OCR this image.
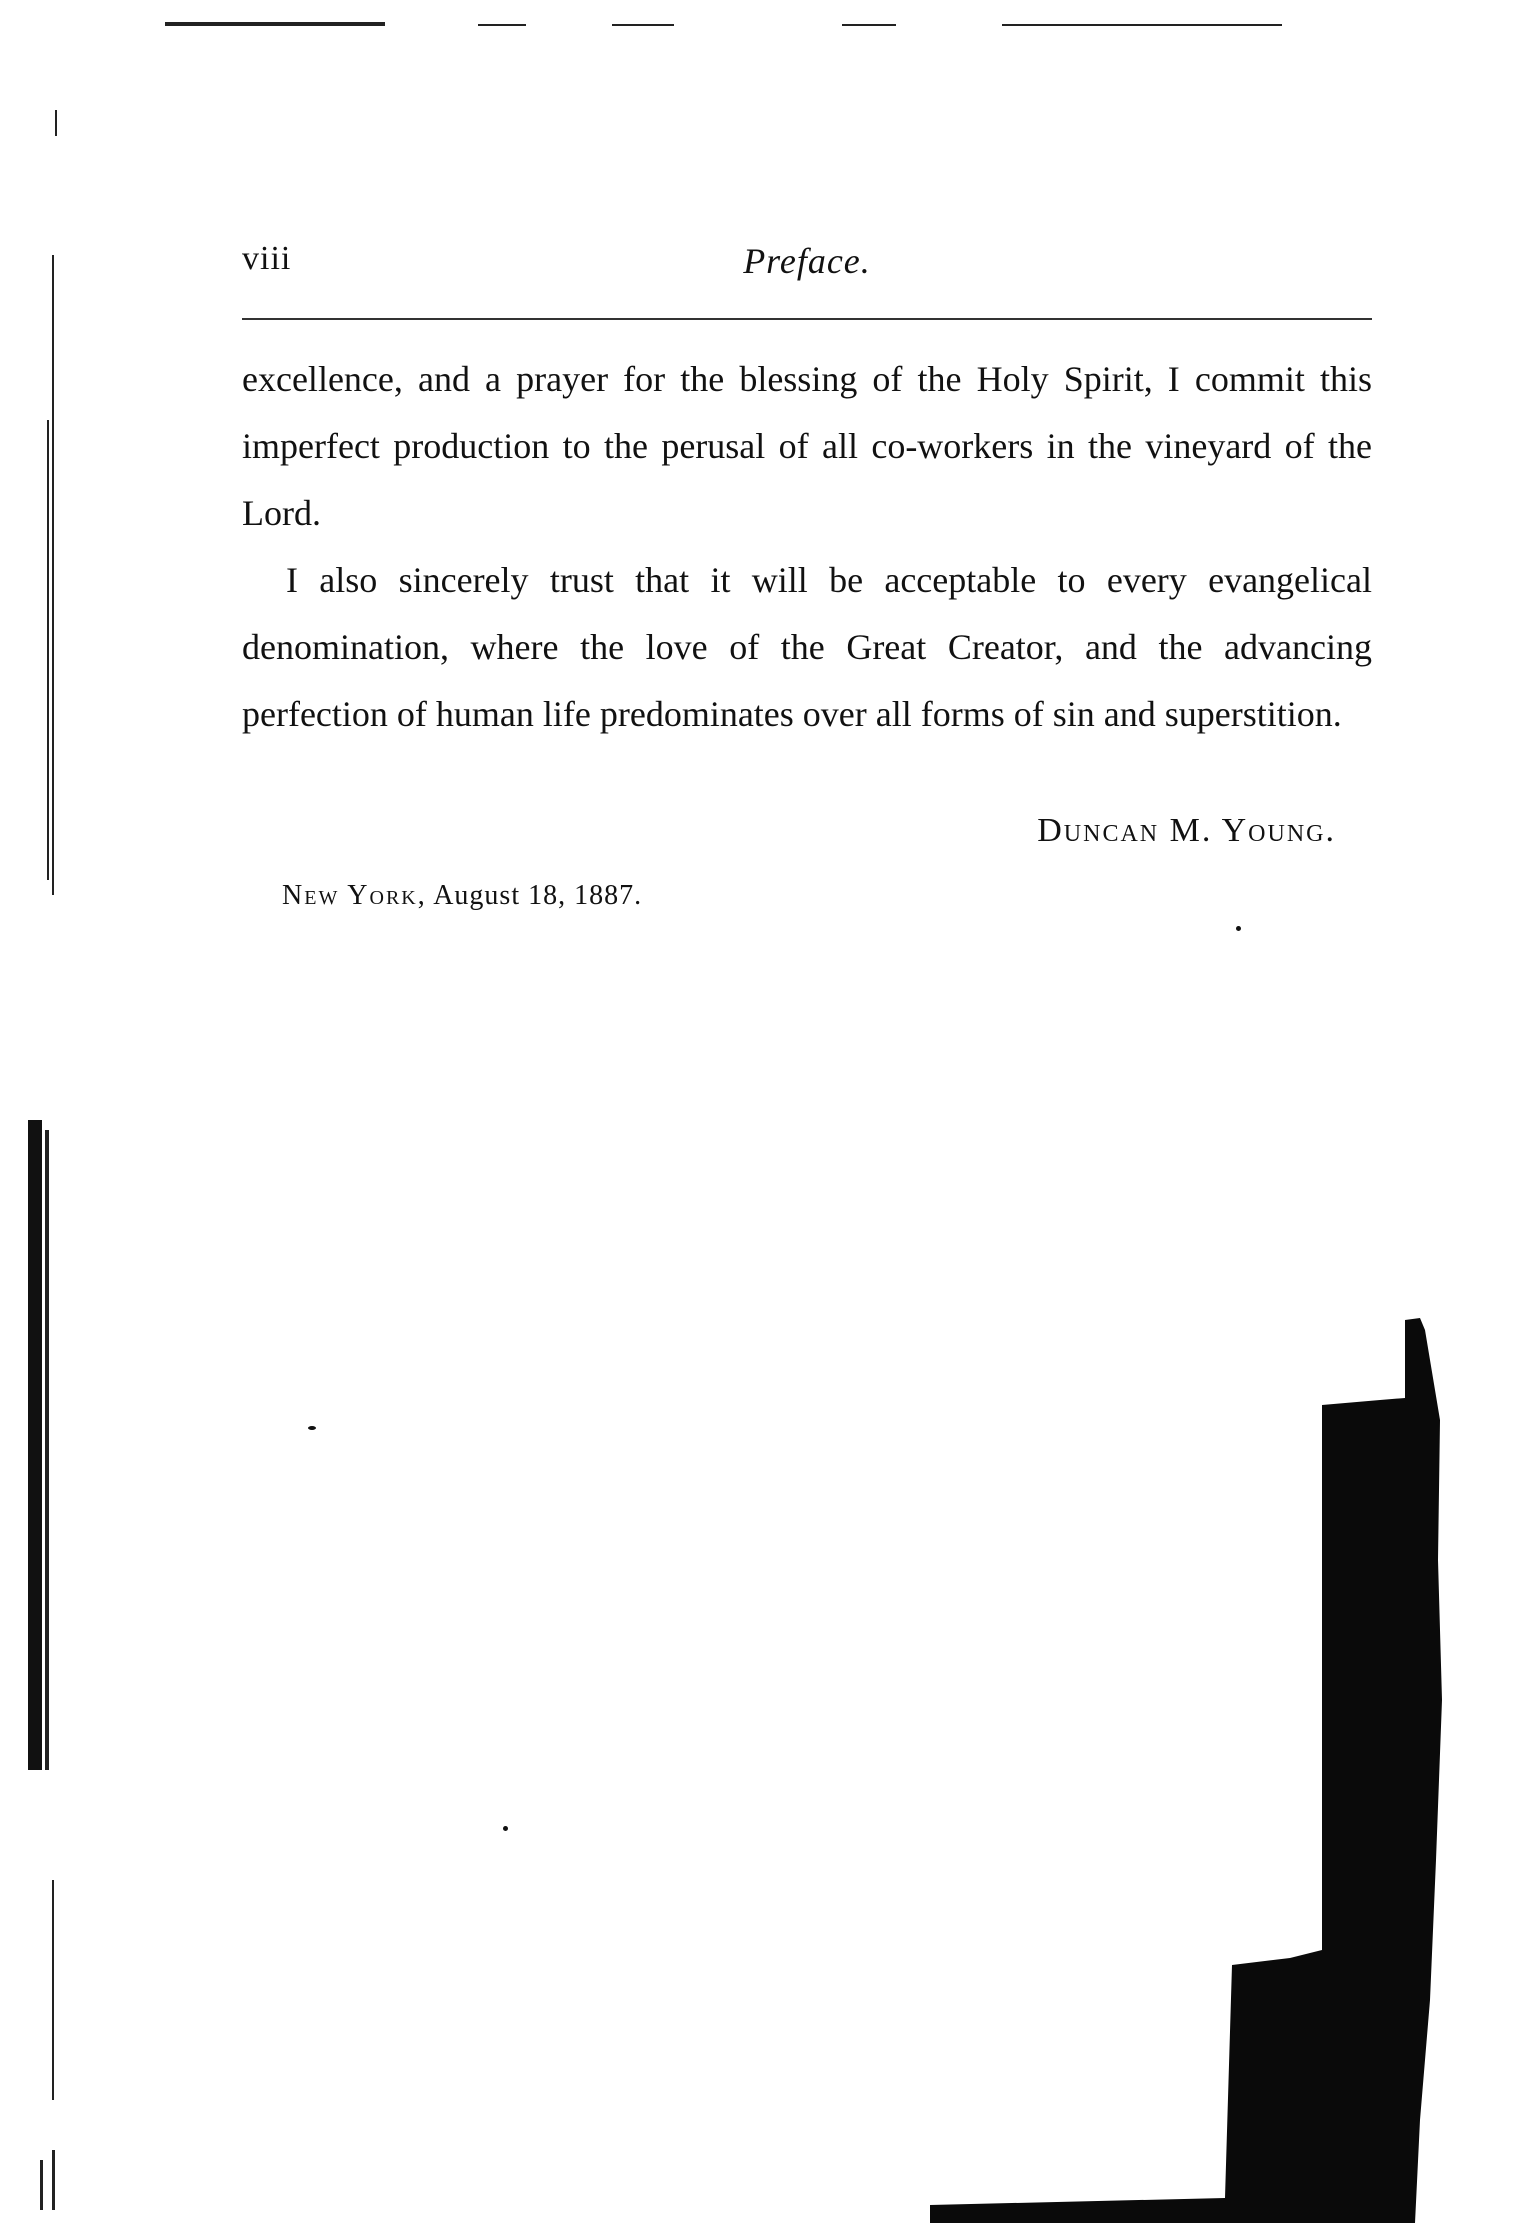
viii	Preface.

excellence, and a prayer for the blessing of the Holy Spirit, I commit this imperfect production to the perusal of all co-workers in the vineyard of the Lord.

I also sincerely trust that it will be acceptable to every evangelical denomination, where the love of the Great Creator, and the advancing perfection of human life predominates over all forms of sin and superstition.

Duncan M. Young.
New York, August 18, 1887.
